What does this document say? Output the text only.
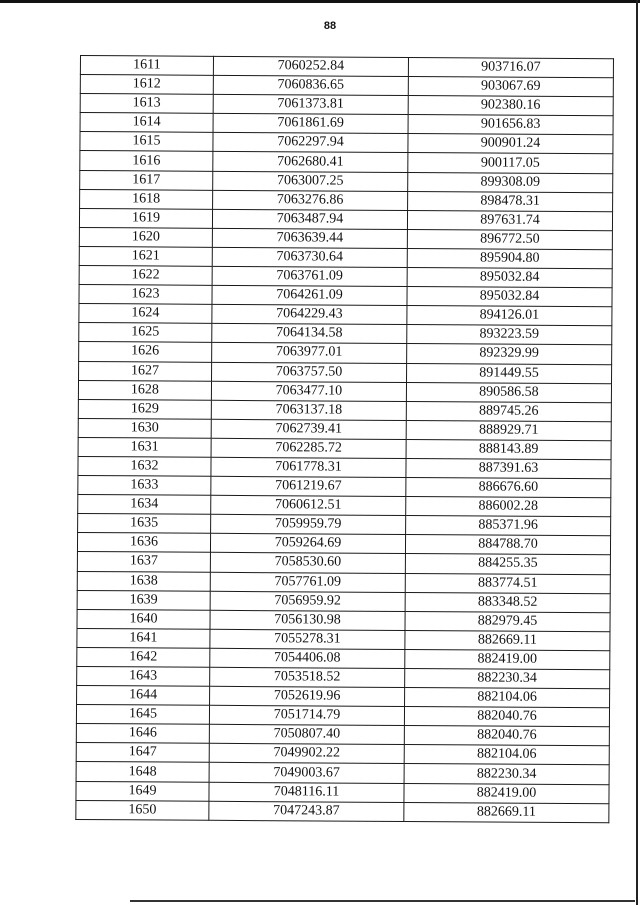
88
1611	7060252.84	903716.07
1612	7060836.65	903067.69
1613	7061373.81	902380.16
1614	7061861.69	901656.83
1615	7062297.94	900901.24
1616	7062680.41	900117.05
1617	7063007.25	899308.09
1618	7063276.86	898478.31
1619	7063487.94	897631.74
1620	7063639.44	896772.50
1621	7063730.64	895904.80
1622	7063761.09	895032.84
1623	7064261.09	895032.84
1624	7064229.43	894126.01
1625	7064134.58	893223.59
1626	7063977.01	892329.99
1627	7063757.50	891449.55
1628	7063477.10	890586.58
1629	7063137.18	889745.26
1630	7062739.41	888929.71
1631	7062285.72	888143.89
1632	7061778.31	887391.63
1633	7061219.67	886676.60
1634	7060612.51	886002.28
1635	7059959.79	885371.96
1636	7059264.69	884788.70
1637	7058530.60	884255.35
1638	7057761.09	883774.51
1639	7056959.92	883348.52
1640	7056130.98	882979.45
1641	7055278.31	882669.11
1642	7054406.08	882419.00
1643	7053518.52	882230.34
1644	7052619.96	882104.06
1645	7051714.79	882040.76
1646	7050807.40	882040.76
1647	7049902.22	882104.06
1648	7049003.67	882230.34
1649	7048116.11	882419.00
1650	7047243.87	882669.11
